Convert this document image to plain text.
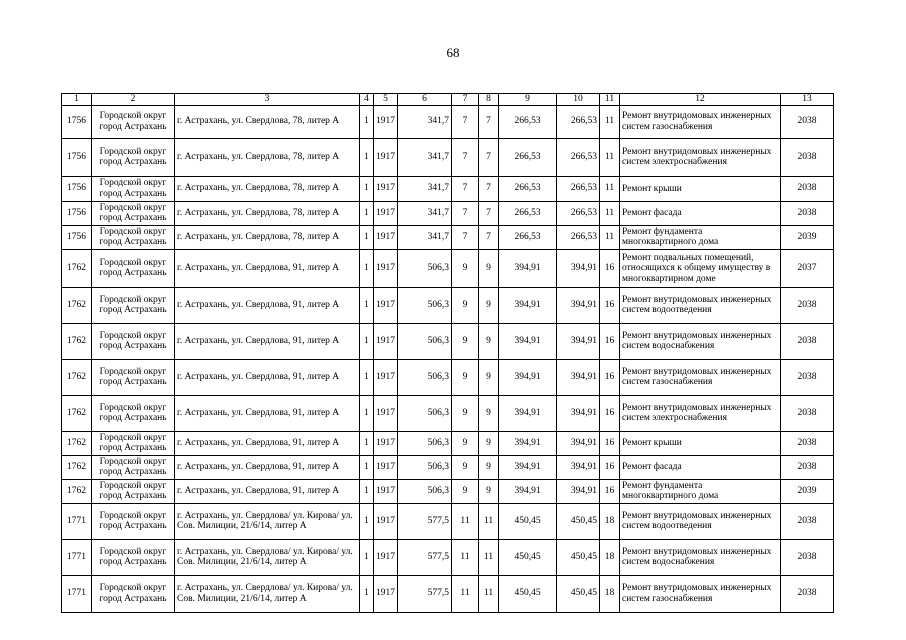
68
1	2	3	4	5	6	7	8	9	10	11	12	13
1756	Городской округ город Астрахань	г. Астрахань, ул. Свердлова, 78, литер А	1	1917	341,7	7	7	266,53	266,53	11	Ремонт внутридомовых инженерных систем газоснабжения	2038
1756	Городской округ город Астрахань	г. Астрахань, ул. Свердлова, 78, литер А	1	1917	341,7	7	7	266,53	266,53	11	Ремонт внутридомовых инженерных систем электроснабжения	2038
1756	Городской округ город Астрахань	г. Астрахань, ул. Свердлова, 78, литер А	1	1917	341,7	7	7	266,53	266,53	11	Ремонт крыши	2038
1756	Городской округ город Астрахань	г. Астрахань, ул. Свердлова, 78, литер А	1	1917	341,7	7	7	266,53	266,53	11	Ремонт фасада	2038
1756	Городской округ город Астрахань	г. Астрахань, ул. Свердлова, 78, литер А	1	1917	341,7	7	7	266,53	266,53	11	Ремонт фундамента многоквартирного дома	2039
1762	Городской округ город Астрахань	г. Астрахань, ул. Свердлова, 91, литер А	1	1917	506,3	9	9	394,91	394,91	16	Ремонт подвальных помещений, относящихся к общему имуществу в многоквартирном доме	2037
1762	Городской округ город Астрахань	г. Астрахань, ул. Свердлова, 91, литер А	1	1917	506,3	9	9	394,91	394,91	16	Ремонт внутридомовых инженерных систем водоотведения	2038
1762	Городской округ город Астрахань	г. Астрахань, ул. Свердлова, 91, литер А	1	1917	506,3	9	9	394,91	394,91	16	Ремонт внутридомовых инженерных систем водоснабжения	2038
1762	Городской округ город Астрахань	г. Астрахань, ул. Свердлова, 91, литер А	1	1917	506,3	9	9	394,91	394,91	16	Ремонт внутридомовых инженерных систем газоснабжения	2038
1762	Городской округ город Астрахань	г. Астрахань, ул. Свердлова, 91, литер А	1	1917	506,3	9	9	394,91	394,91	16	Ремонт внутридомовых инженерных систем электроснабжения	2038
1762	Городской округ город Астрахань	г. Астрахань, ул. Свердлова, 91, литер А	1	1917	506,3	9	9	394,91	394,91	16	Ремонт крыши	2038
1762	Городской округ город Астрахань	г. Астрахань, ул. Свердлова, 91, литер А	1	1917	506,3	9	9	394,91	394,91	16	Ремонт фасада	2038
1762	Городской округ город Астрахань	г. Астрахань, ул. Свердлова, 91, литер А	1	1917	506,3	9	9	394,91	394,91	16	Ремонт фундамента многоквартирного дома	2039
1771	Городской округ город Астрахань	г. Астрахань, ул. Свердлова/ ул. Кирова/ ул. Сов. Милиции, 21/6/14, литер А	1	1917	577,5	11	11	450,45	450,45	18	Ремонт внутридомовых инженерных систем водоотведения	2038
1771	Городской округ город Астрахань	г. Астрахань, ул. Свердлова/ ул. Кирова/ ул. Сов. Милиции, 21/6/14, литер А	1	1917	577,5	11	11	450,45	450,45	18	Ремонт внутридомовых инженерных систем водоснабжения	2038
1771	Городской округ город Астрахань	г. Астрахань, ул. Свердлова/ ул. Кирова/ ул. Сов. Милиции, 21/6/14, литер А	1	1917	577,5	11	11	450,45	450,45	18	Ремонт внутридомовых инженерных систем газоснабжения	2038
